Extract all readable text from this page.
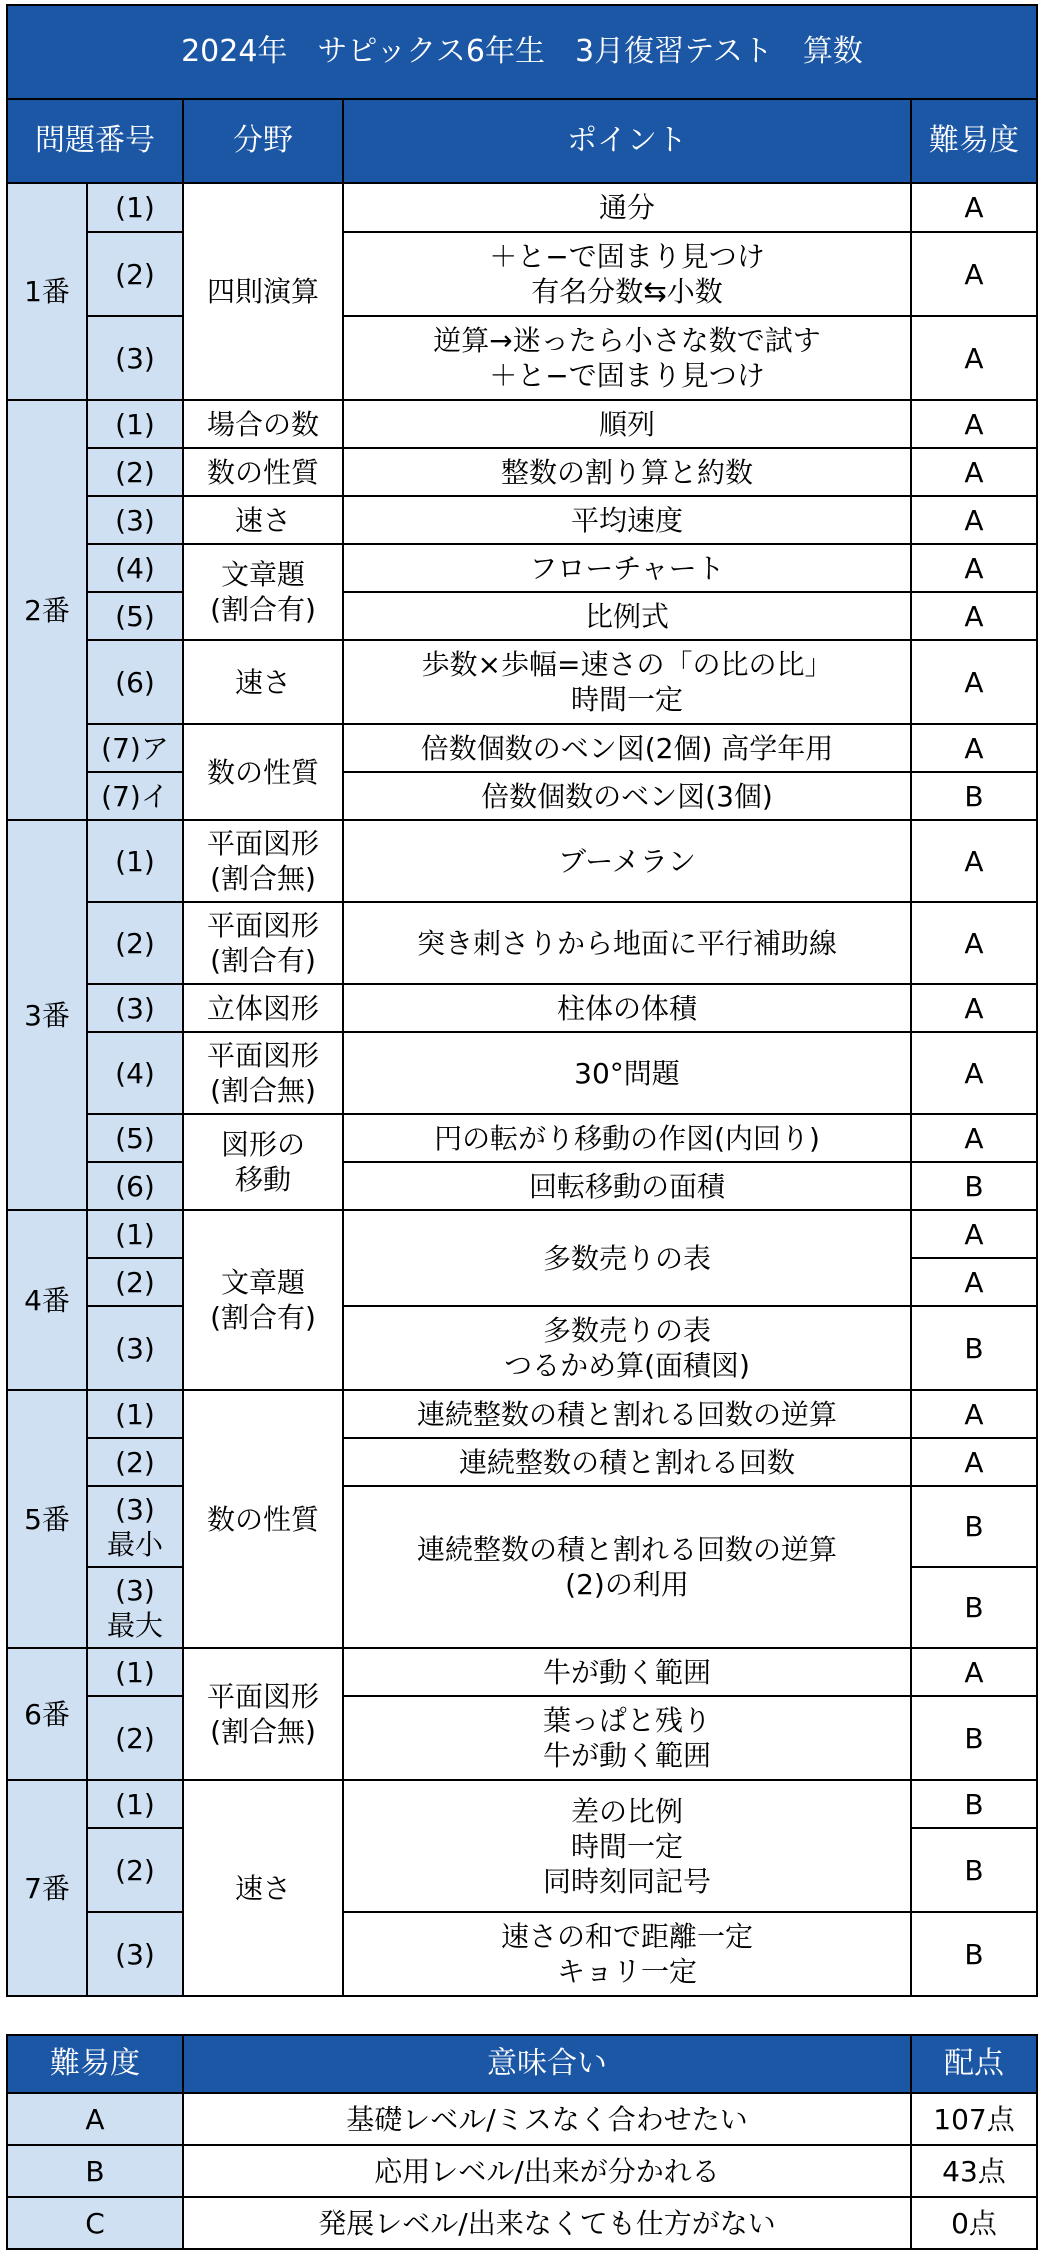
2024年　サピックス6年生　3月復習テスト　算数				
問題番号		分野	ポイント	難易度
1番	(1)	四則演算	通分	A
	(2)		＋と−で固まり見つけ
有名分数⇆小数	A
	(3)		逆算→迷ったら小さな数で試す
＋と−で固まり見つけ	A
2番	(1)	場合の数	順列	A
	(2)	数の性質	整数の割り算と約数	A
	(3)	速さ	平均速度	A
	(4)	文章題
(割合有)	フローチャート	A
	(5)		比例式	A
	(6)	速さ	歩数×歩幅=速さの「の比の比」
時間一定	A
	(7)ア	数の性質	倍数個数のベン図(2個) 高学年用	A
	(7)イ		倍数個数のベン図(3個)	B
3番	(1)	平面図形
(割合無)	ブーメラン	A
	(2)	平面図形
(割合有)	突き刺さりから地面に平行補助線	A
	(3)	立体図形	柱体の体積	A
	(4)	平面図形
(割合無)	30°問題	A
	(5)	図形の
移動	円の転がり移動の作図(内回り)	A
	(6)		回転移動の面積	B
4番	(1)	文章題
(割合有)	多数売りの表	A
	(2)			A
	(3)		多数売りの表
つるかめ算(面積図)	B
5番	(1)	数の性質	連続整数の積と割れる回数の逆算	A
	(2)		連続整数の積と割れる回数	A
	(3)
最小		連続整数の積と割れる回数の逆算
(2)の利用	B
	(3)
最大			B
6番	(1)	平面図形
(割合無)	牛が動く範囲	A
	(2)		葉っぱと残り
牛が動く範囲	B
7番	(1)	速さ	差の比例
時間一定
同時刻同記号	B
	(2)			B
	(3)		速さの和で距離一定
キョリ一定	B
難易度	意味合い	配点
A	基礎レベル/ミスなく合わせたい	107点
B	応用レベル/出来が分かれる	43点
C	発展レベル/出来なくても仕方がない	0点
